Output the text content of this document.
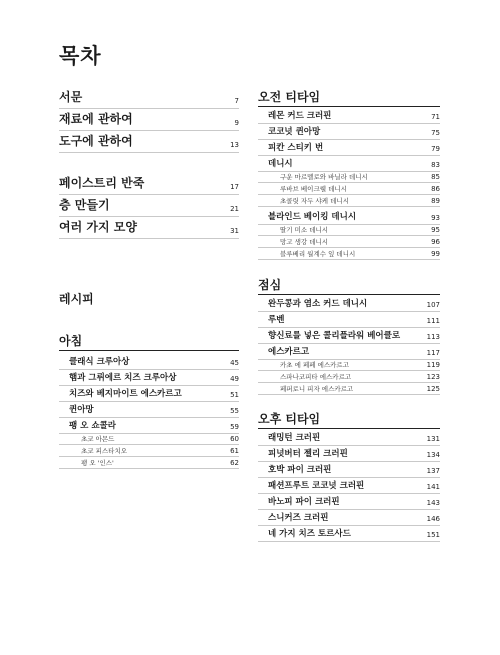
목차
서문	7
재료에 관하여	9
도구에 관하여	13
페이스트리 반죽	17
층 만들기	21
여러 가지 모양	31
레시피
아침
클래식 크루아상	45
햄과 그뤼에르 치즈 크루아상	49
치즈와 베지마이트 에스카르고	51
퀸아망	55
팽 오 쇼콜라	59
초코 아몬드	60
초코 피스타치오	61
팽 오 '인스'	62
오전 티타임
레몬 커드 크러핀	71
코코넛 퀸아망	75
피칸 스티키 번	79
데니시	83
구운 마르멜로와 바닐라 데니시	85
루바브 베이크웰 데니시	86
초콜릿 자두 샤케 데니시	89
블라인드 베이킹 데니시	93
딸기 미소 데니시	95
망고 생강 데니시	96
블루베리 월계수 잎 데니시	99
점심
완두콩과 염소 커드 데니시	107
루벤	111
향신료를 넣은 콜리플라워 베어클로	113
에스카르고	117
카초 에 페페 에스카르고	119
스파나코피타 에스카르고	123
페퍼로니 피자 에스카르고	125
오후 티타임
래밍턴 크러핀	131
피넛버터 젤리 크러핀	134
호박 파이 크러핀	137
패션프루트 코코넛 크러핀	141
바노피 파이 크러핀	143
스니커즈 크러핀	146
네 가지 치즈 토르사드	151
